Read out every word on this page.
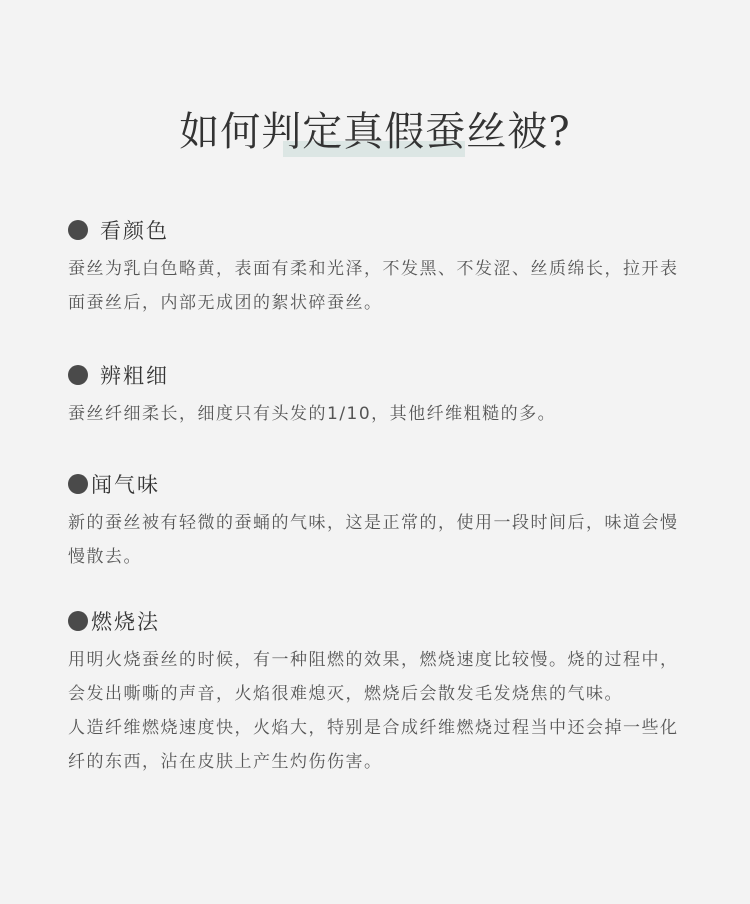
如何判定真假蚕丝被?
看颜色

蚕丝为乳白色略黄，表面有柔和光泽，不发黑、不发涩、丝质绵长，拉开表面蚕丝后，内部无成团的絮状碎蚕丝。

辨粗细

蚕丝纤细柔长，细度只有头发的1/10，其他纤维粗糙的多。

闻气味

新的蚕丝被有轻微的蚕蛹的气味，这是正常的，使用一段时间后，味道会慢慢散去。

燃烧法

用明火烧蚕丝的时候，有一种阻燃的效果，燃烧速度比较慢。烧的过程中，会发出嘶嘶的声音，火焰很难熄灭，燃烧后会散发毛发烧焦的气味。

人造纤维燃烧速度快，火焰大，特别是合成纤维燃烧过程当中还会掉一些化纤的东西，沾在皮肤上产生灼伤伤害。
